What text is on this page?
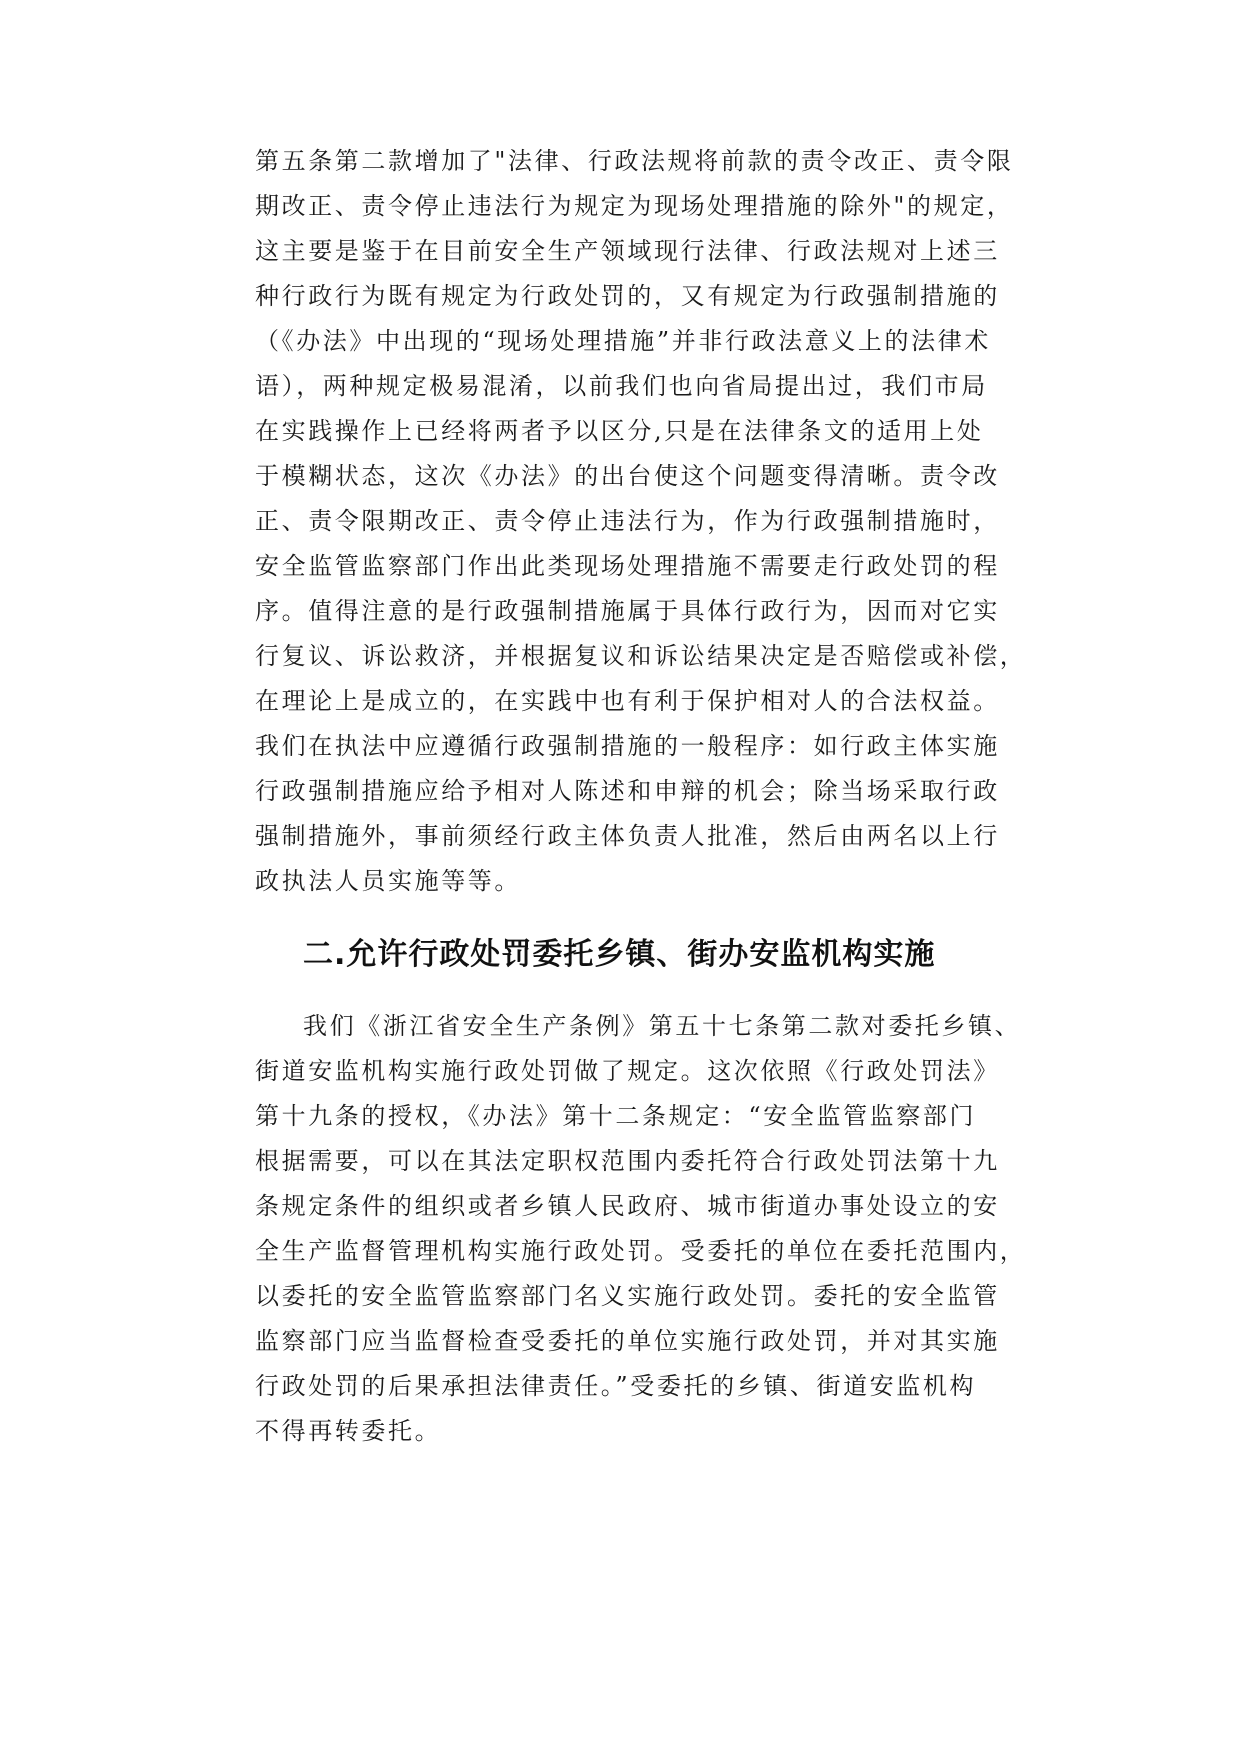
第五条第二款增加了"法律、行政法规将前款的责令改正、责令限
期改正、责令停止违法行为规定为现场处理措施的除外"的规定，
这主要是鉴于在目前安全生产领域现行法律、行政法规对上述三
种行政行为既有规定为行政处罚的，又有规定为行政强制措施的
（《办法》中出现的“现场处理措施”并非行政法意义上的法律术
语），两种规定极易混淆，以前我们也向省局提出过，我们市局
在实践操作上已经将两者予以区分,只是在法律条文的适用上处
于模糊状态，这次《办法》的出台使这个问题变得清晰。责令改
正、责令限期改正、责令停止违法行为，作为行政强制措施时，
安全监管监察部门作出此类现场处理措施不需要走行政处罚的程
序。值得注意的是行政强制措施属于具体行政行为，因而对它实
行复议、诉讼救济，并根据复议和诉讼结果决定是否赔偿或补偿，
在理论上是成立的，在实践中也有利于保护相对人的合法权益。
我们在执法中应遵循行政强制措施的一般程序：如行政主体实施
行政强制措施应给予相对人陈述和申辩的机会；除当场采取行政
强制措施外，事前须经行政主体负责人批准，然后由两名以上行
政执法人员实施等等。
二.允许行政处罚委托乡镇、街办安监机构实施
我们《浙江省安全生产条例》第五十七条第二款对委托乡镇、
街道安监机构实施行政处罚做了规定。这次依照《行政处罚法》
第十九条的授权，《办法》第十二条规定：“安全监管监察部门
根据需要，可以在其法定职权范围内委托符合行政处罚法第十九
条规定条件的组织或者乡镇人民政府、城市街道办事处设立的安
全生产监督管理机构实施行政处罚。受委托的单位在委托范围内，
以委托的安全监管监察部门名义实施行政处罚。委托的安全监管
监察部门应当监督检查受委托的单位实施行政处罚，并对其实施
行政处罚的后果承担法律责任。”受委托的乡镇、街道安监机构
不得再转委托。
